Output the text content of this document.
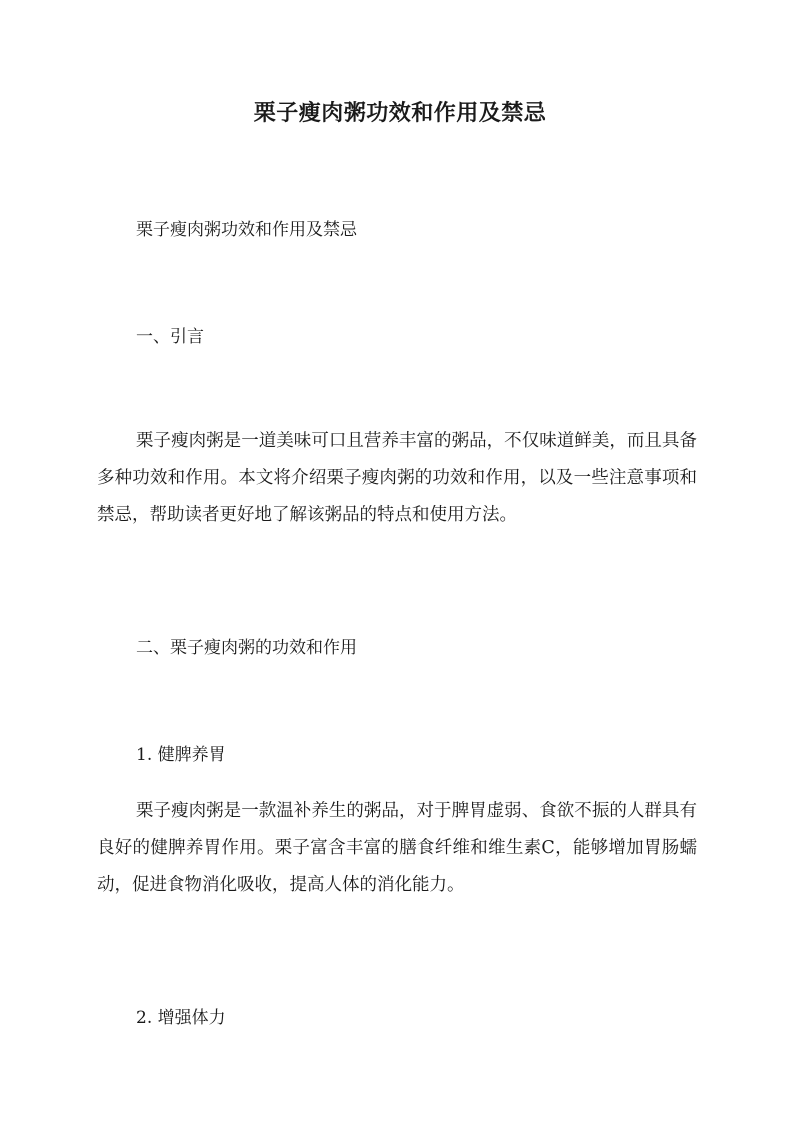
栗子瘦肉粥功效和作用及禁忌
栗子瘦肉粥功效和作用及禁忌
一、引言
栗子瘦肉粥是一道美味可口且营养丰富的粥品，不仅味道鲜美，而且具备多种功效和作用。本文将介绍栗子瘦肉粥的功效和作用，以及一些注意事项和禁忌，帮助读者更好地了解该粥品的特点和使用方法。
二、栗子瘦肉粥的功效和作用
1. 健脾养胃
栗子瘦肉粥是一款温补养生的粥品，对于脾胃虚弱、食欲不振的人群具有良好的健脾养胃作用。栗子富含丰富的膳食纤维和维生素C，能够增加胃肠蠕动，促进食物消化吸收，提高人体的消化能力。
2. 增强体力
